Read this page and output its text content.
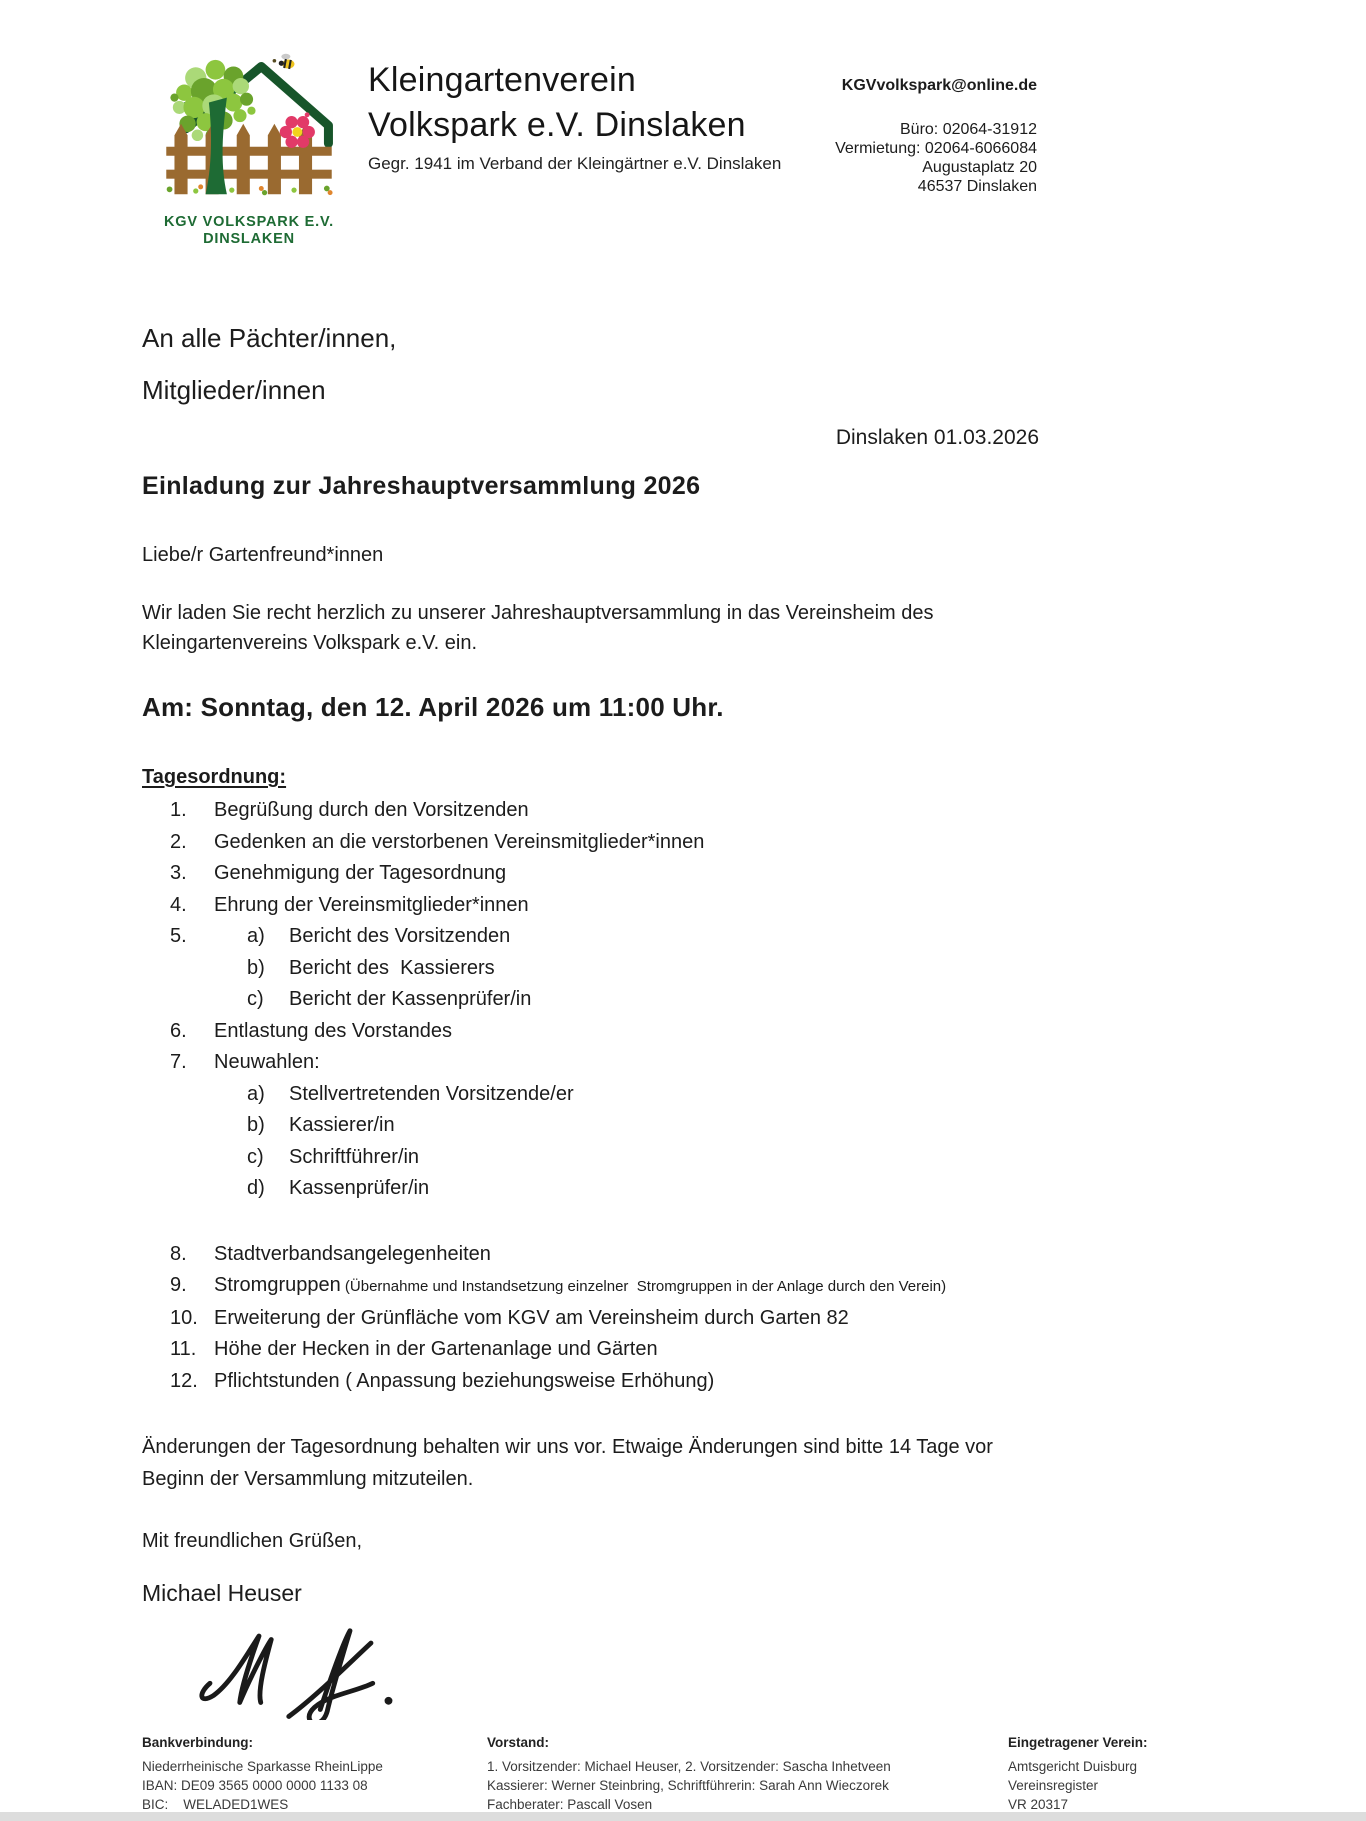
KGV VOLKSPARK E.V.
DINSLAKEN
Kleingartenverein
Volkspark e.V. Dinslaken
Gegr. 1941 im Verband der Kleingärtner e.V. Dinslaken
KGVvolkspark@online.de
Büro: 02064-31912
Vermietung: 02064-6066084
Augustaplatz 20
46537 Dinslaken
An alle Pächter/innen,
Mitglieder/innen
Dinslaken 01.03.2026
Einladung zur Jahreshauptversammlung 2026
Liebe/r Gartenfreund*innen
Wir laden Sie recht herzlich zu unserer Jahreshauptversammlung in das Vereinsheim des Kleingartenvereins Volkspark e.V. ein.
Am: Sonntag, den 12. April 2026 um 11:00 Uhr.
Tagesordnung:
1.	Begrüßung durch den Vorsitzenden
2.	Gedenken an die verstorbenen Vereinsmitglieder*innen
3.	Genehmigung der Tagesordnung
4.	Ehrung der Vereinsmitglieder*innen
5.	a)	Bericht des Vorsitzenden
b)	Bericht des  Kassierers
c)	Bericht der Kassenprüfer/in
6.	Entlastung des Vorstandes
7.	Neuwahlen:
a)	Stellvertretenden Vorsitzende/er
b)	Kassierer/in
c)	Schriftführer/in
d)	Kassenprüfer/in
8.	Stadtverbandsangelegenheiten
9.	Stromgruppen (Übernahme und Instandsetzung einzelner  Stromgruppen in der Anlage durch den Verein)
10. Erweiterung der Grünfläche vom KGV am Vereinsheim durch Garten 82
11. Höhe der Hecken in der Gartenanlage und Gärten
12. Pflichtstunden ( Anpassung beziehungsweise Erhöhung)
Änderungen der Tagesordnung behalten wir uns vor. Etwaige Änderungen sind bitte 14 Tage vor Beginn der Versammlung mitzuteilen.
Mit freundlichen Grüßen,
Michael Heuser
Bankverbindung:
Niederrheinische Sparkasse RheinLippe
IBAN: DE09 3565 0000 0000 1133 08
BIC:    WELADED1WES
Vorstand:
1. Vorsitzender: Michael Heuser, 2. Vorsitzender: Sascha Inhetveen
Kassierer: Werner Steinbring, Schriftführerin: Sarah Ann Wieczorek
Fachberater: Pascall Vosen
Eingetragener Verein:
Amtsgericht Duisburg
Vereinsregister
VR 20317
